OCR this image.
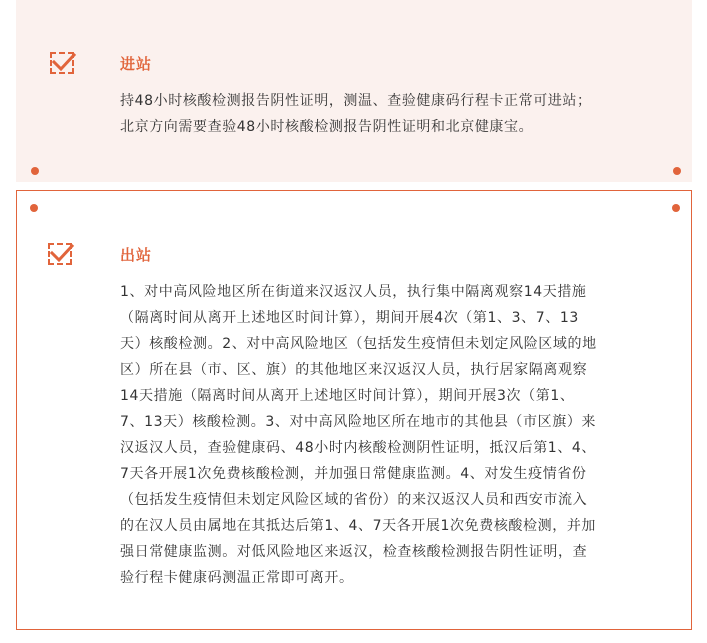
进站
持48小时核酸检测报告阴性证明，测温、查验健康码行程卡正常可进站；
北京方向需要查验48小时核酸检测报告阴性证明和北京健康宝。
出站
1、对中高风险地区所在街道来汉返汉人员，执行集中隔离观察14天措施
（隔离时间从离开上述地区时间计算），期间开展4次（第1、3、7、13
天）核酸检测。2、对中高风险地区（包括发生疫情但未划定风险区域的地
区）所在县（市、区、旗）的其他地区来汉返汉人员，执行居家隔离观察
14天措施（隔离时间从离开上述地区时间计算），期间开展3次（第1、
7、13天）核酸检测。3、对中高风险地区所在地市的其他县（市区旗）来
汉返汉人员，查验健康码、48小时内核酸检测阴性证明，抵汉后第1、4、
7天各开展1次免费核酸检测，并加强日常健康监测。4、对发生疫情省份
（包括发生疫情但未划定风险区域的省份）的来汉返汉人员和西安市流入
的在汉人员由属地在其抵达后第1、4、7天各开展1次免费核酸检测，并加
强日常健康监测。对低风险地区来返汉，检查核酸检测报告阴性证明，查
验行程卡健康码测温正常即可离开。
